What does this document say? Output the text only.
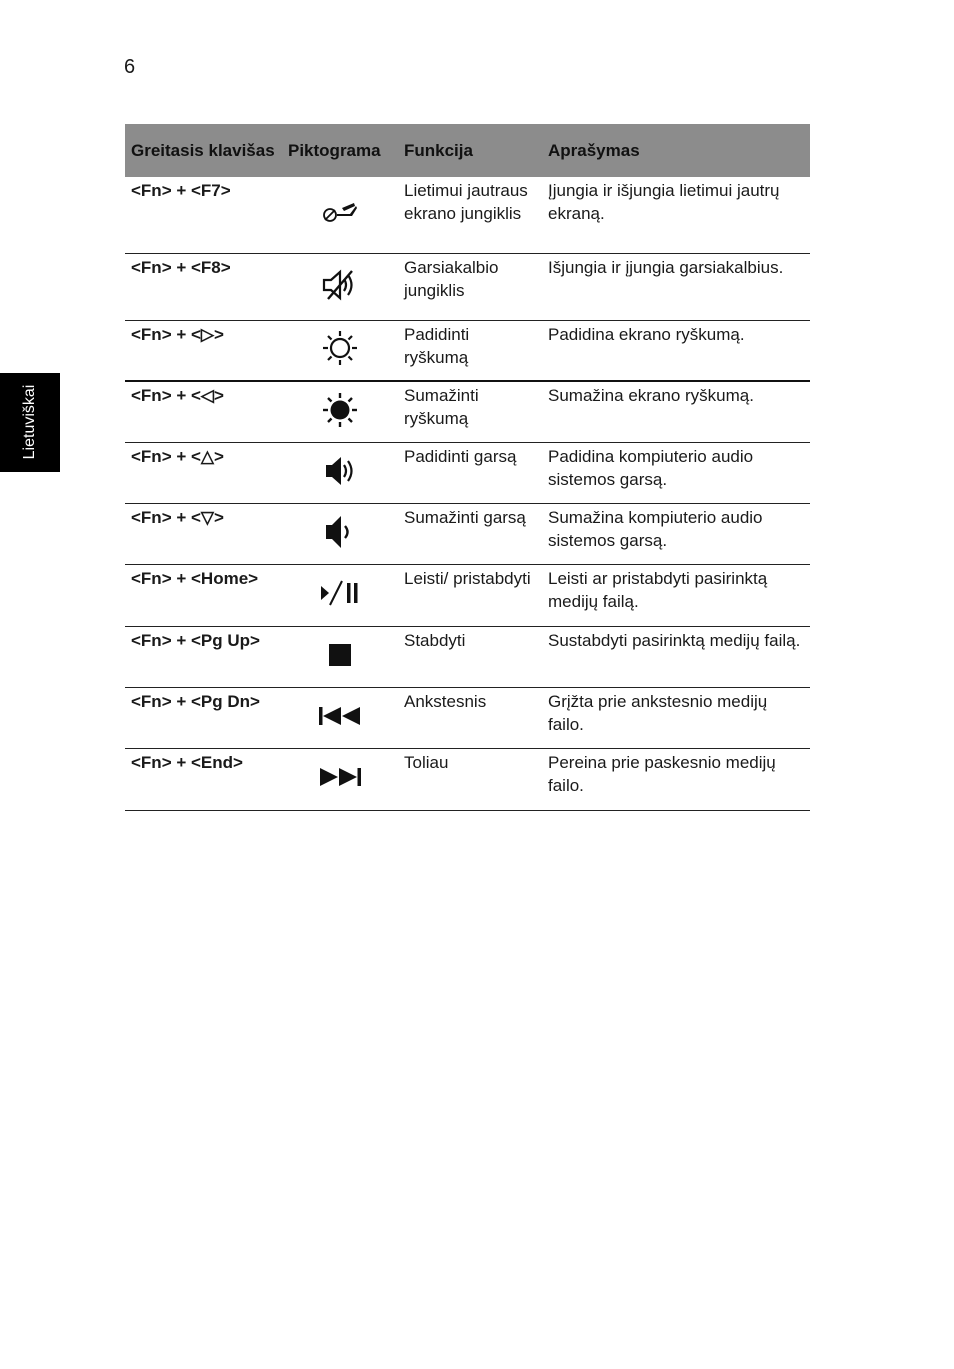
6
Lietuviškai
Greitasis klavišas	Piktograma	Funkcija	Aprašymas
<Fn> + <F7>		Lietimui jautraus ekrano jungiklis	Įjungia ir išjungia lietimui jautrų ekraną.
<Fn> + <F8>		Garsiakalbio jungiklis	Išjungia ir įjungia garsiakalbius.
<Fn> + <▷>		Padidinti ryškumą	Padidina ekrano ryškumą.
<Fn> + <◁>		Sumažinti ryškumą	Sumažina ekrano ryškumą.
<Fn> + <△>		Padidinti garsą	Padidina kompiuterio audio sistemos garsą.
<Fn> + <▽>		Sumažinti garsą	Sumažina kompiuterio audio sistemos garsą.
<Fn> + <Home>		Leisti/ pristabdyti	Leisti ar pristabdyti pasirinktą medijų failą.
<Fn> + <Pg Up>		Stabdyti	Sustabdyti pasirinktą medijų failą.
<Fn> + <Pg Dn>		Ankstesnis	Grįžta prie ankstesnio medijų failo.
<Fn> + <End>		Toliau	Pereina prie paskesnio medijų failo.
